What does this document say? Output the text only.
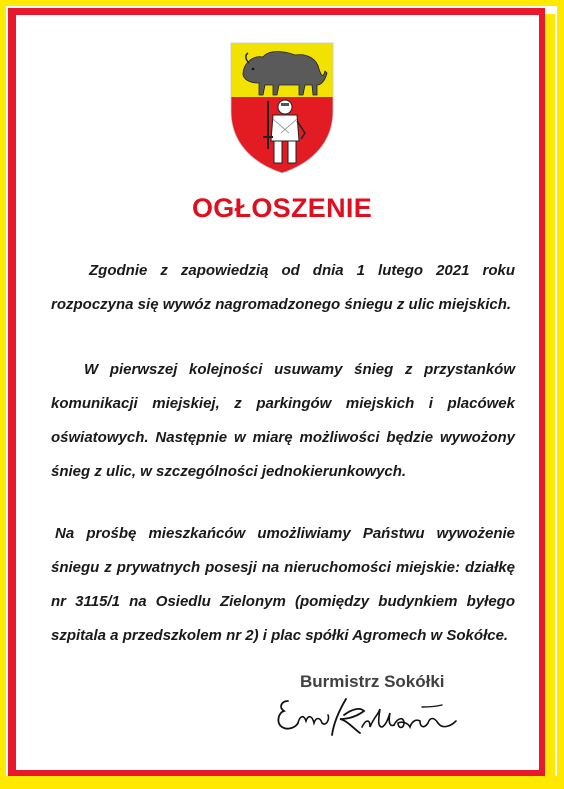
OGŁOSZENIE
Zgodnie z zapowiedzią od dnia 1 lutego 2021 roku rozpoczyna się wywóz nagromadzonego śniegu z ulic miejskich.
W pierwszej kolejności usuwamy śnieg z przystanków komunikacji miejskiej, z parkingów miejskich i placówek oświatowych. Następnie w miarę możliwości będzie wywożony śnieg z ulic, w szczególności jednokierunkowych.
Na prośbę mieszkańców umożliwiamy Państwu wywożenie śniegu z prywatnych posesji na nieruchomości miejskie: działkę nr 3115/1 na Osiedlu Zielonym (pomiędzy budynkiem byłego szpitala a przedszkolem nr 2) i plac spółki Agromech w Sokółce.
Burmistrz Sokółki
